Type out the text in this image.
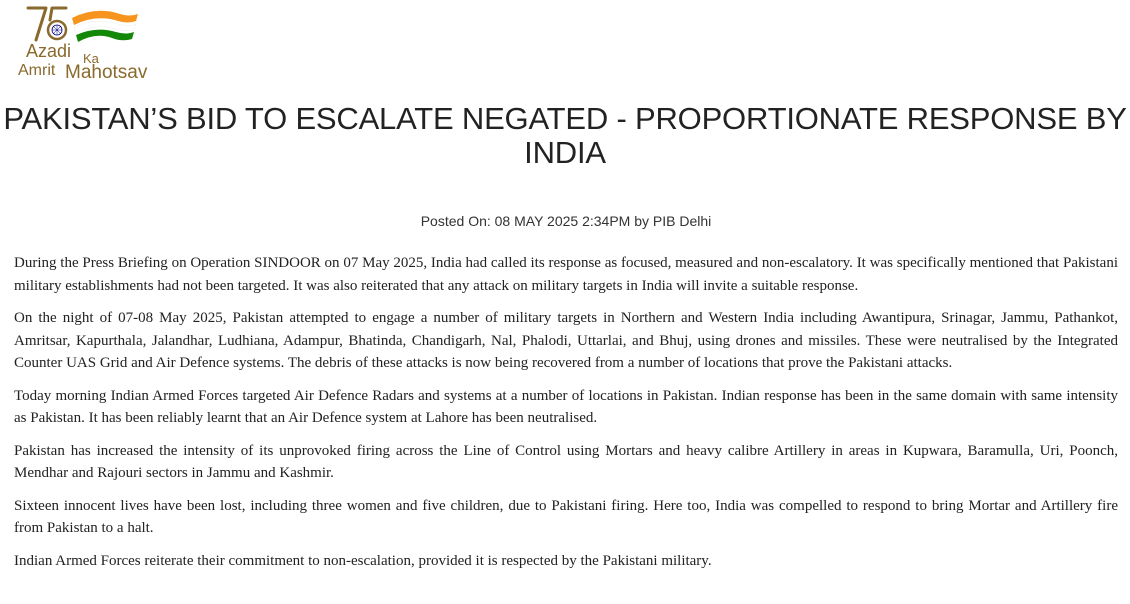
Azadi Ka
Amrit Mahotsav
PAKISTAN’S BID TO ESCALATE NEGATED - PROPORTIONATE RESPONSE BY INDIA
Posted On: 08 MAY 2025 2:34PM by PIB Delhi

During the Press Briefing on Operation SINDOOR on 07 May 2025, India had called its response as focused, measured and non-escalatory. It was specifically mentioned that Pakistani military establishments had not been targeted. It was also reiterated that any attack on military targets in India will invite a suitable response.

On the night of 07-08 May 2025, Pakistan attempted to engage a number of military targets in Northern and Western India including Awantipura, Srinagar, Jammu, Pathankot, Amritsar, Kapurthala, Jalandhar, Ludhiana, Adampur, Bhatinda, Chandigarh, Nal, Phalodi, Uttarlai, and Bhuj, using drones and missiles. These were neutralised by the Integrated Counter UAS Grid and Air Defence systems. The debris of these attacks is now being recovered from a number of locations that prove the Pakistani attacks.

Today morning Indian Armed Forces targeted Air Defence Radars and systems at a number of locations in Pakistan. Indian response has been in the same domain with same intensity as Pakistan. It has been reliably learnt that an Air Defence system at Lahore has been neutralised.

Pakistan has increased the intensity of its unprovoked firing across the Line of Control using Mortars and heavy calibre Artillery in areas in Kupwara, Baramulla, Uri, Poonch, Mendhar and Rajouri sectors in Jammu and Kashmir.

Sixteen innocent lives have been lost, including three women and five children, due to Pakistani firing. Here too, India was compelled to respond to bring Mortar and Artillery fire from Pakistan to a halt.

Indian Armed Forces reiterate their commitment to non-escalation, provided it is respected by the Pakistani military.
